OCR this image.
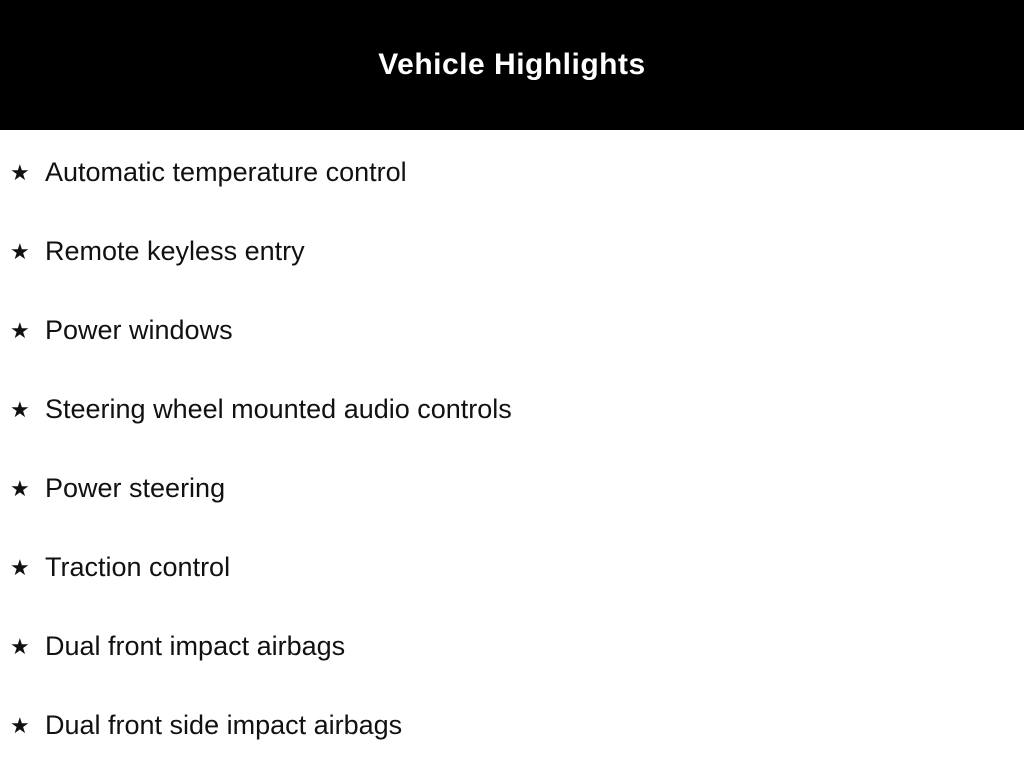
Vehicle Highlights
★ Automatic temperature control
★ Remote keyless entry
★ Power windows
★ Steering wheel mounted audio controls
★ Power steering
★ Traction control
★ Dual front impact airbags
★ Dual front side impact airbags
